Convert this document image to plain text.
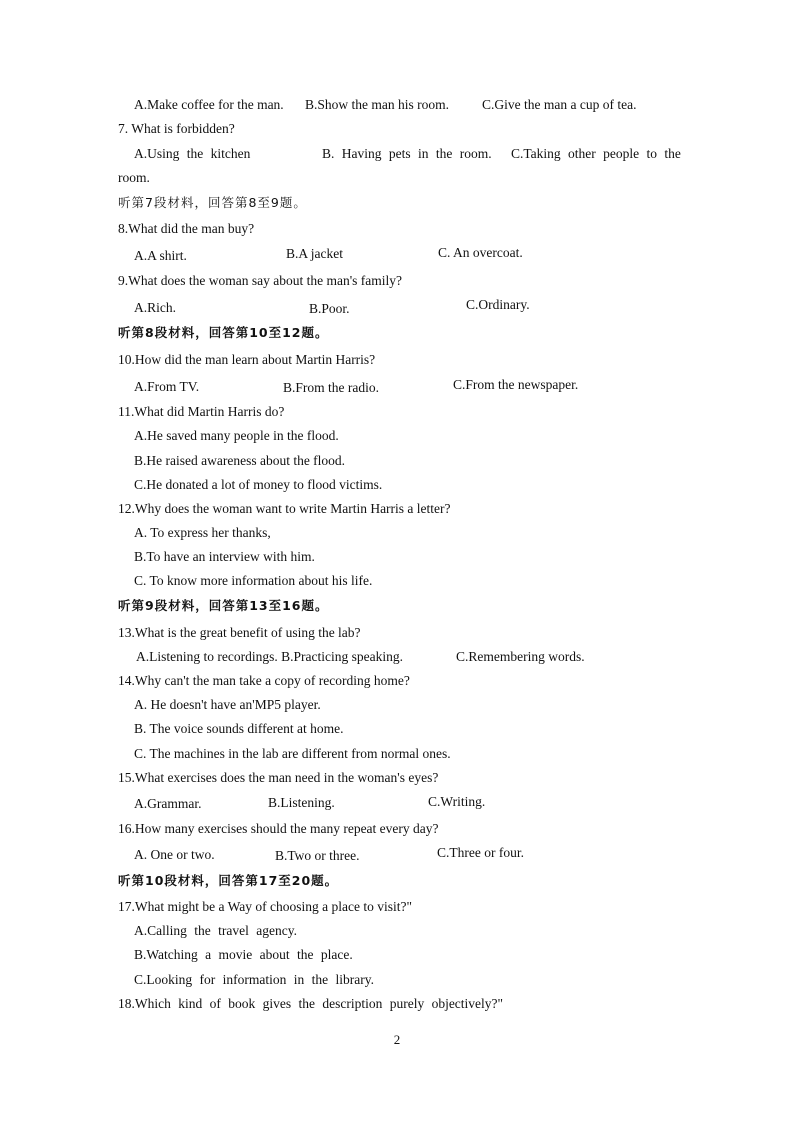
A.Make coffee for the man. B.Show the man his room. C.Give the man a cup of tea.
7. What is forbidden?
A.Using the kitchen	B. Having pets in the room. C.Taking other people to the
room.
听第7段材料，回答第8至9题。
8.What did the man buy?
A.A shirt.	B.A jacket	C. An overcoat.
9.What does the woman say about the man's family?
A.Rich.	B.Poor.	C.Ordinary.
听第8段材料，回答第10至12题。
10.How did the man learn about Martin Harris?
A.From TV.	B.From the radio.	C.From the newspaper.
11.What did Martin Harris do?
A.He saved many people in the flood.
B.He raised awareness about the flood.
C.He donated a lot of money to flood victims.
12.Why does the woman want to write Martin Harris a letter?
A. To express her thanks,
B.To have an interview with him.
C. To know more information about his life.
听第9段材料，回答第13至16题。
13.What is the great benefit of using the lab?
A.Listening to recordings. B.Practicing speaking.	C.Remembering words.
14.Why can't the man take a copy of recording home?
A. He doesn't have an'MP5 player.
B. The voice sounds different at home.
C. The machines in the lab are different from normal ones.
15.What exercises does the man need in the woman's eyes?
A.Grammar.	B.Listening.	C.Writing.
16.How many exercises should the many repeat every day?
A. One or two.	B.Two or three.	C.Three or four.
听第10段材料，回答第17至20题。
17.What might be a Way of choosing a place to visit?"
A.Calling the travel agency.
B.Watching a movie about the place.
C.Looking for information in the library.
18.Which kind of book gives the description purely objectively?"
2
